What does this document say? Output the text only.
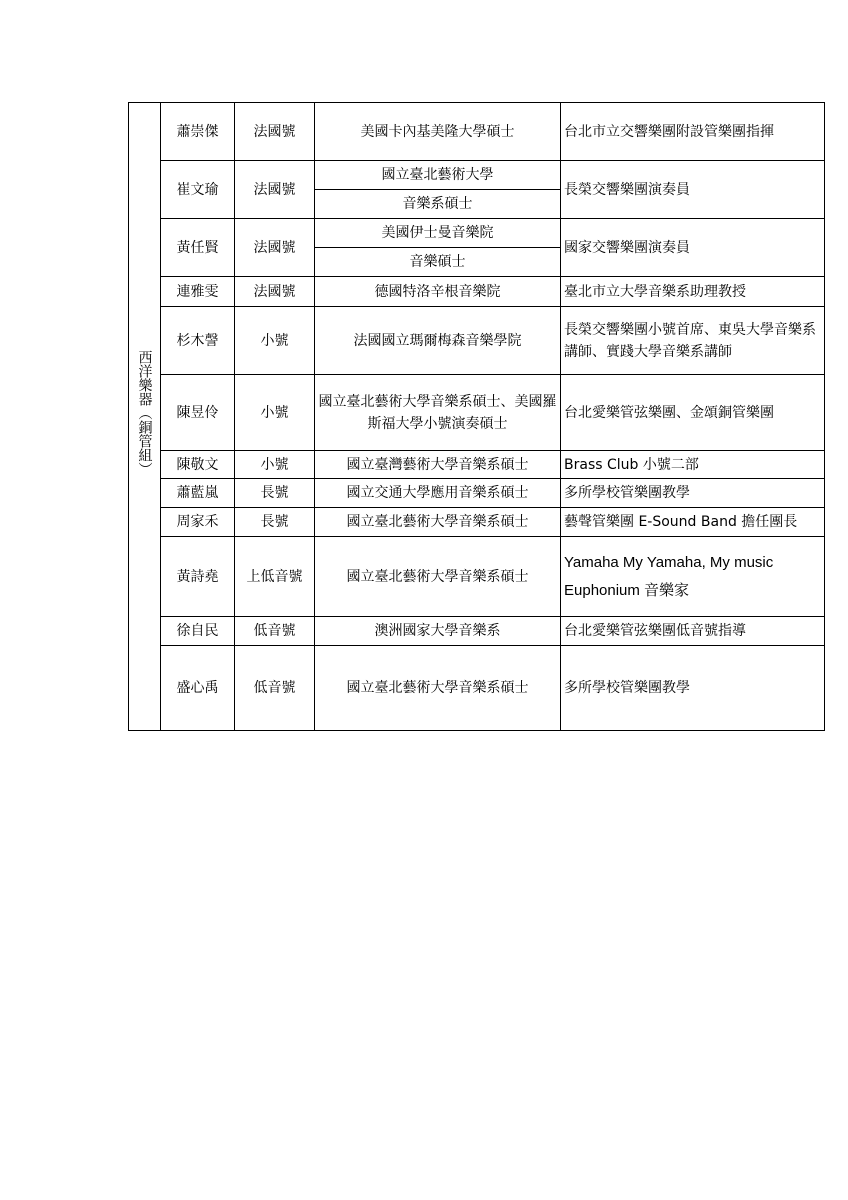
西洋樂器（銅管組）	蕭崇傑	法國號	美國卡內基美隆大學碩士	台北市立交響樂團附設管樂團指揮
	崔文瑜	法國號	國立臺北藝術大學	長榮交響樂團演奏員
			音樂系碩士	
	黃任賢	法國號	美國伊士曼音樂院	國家交響樂團演奏員
			音樂碩士	
	連雅雯	法國號	德國特洛辛根音樂院	臺北市立大學音樂系助理教授
	杉木謦	小號	法國國立瑪爾梅森音樂學院	長榮交響樂團小號首席、東吳大學音樂系講師、實踐大學音樂系講師
	陳昱伶	小號	國立臺北藝術大學音樂系碩士、美國羅斯福大學小號演奏碩士	台北愛樂管弦樂團、金頌銅管樂團
	陳敬文	小號	國立臺灣藝術大學音樂系碩士	Brass Club 小號二部
	蕭藍嵐	長號	國立交通大學應用音樂系碩士	多所學校管樂團教學
	周家禾	長號	國立臺北藝術大學音樂系碩士	藝聲管樂團 E-Sound Band 擔任團長
	黃詩堯	上低音號	國立臺北藝術大學音樂系碩士	Yamaha My Yamaha, My music Euphonium 音樂家
	徐自民	低音號	澳洲國家大學音樂系	台北愛樂管弦樂團低音號指導
	盛心禹	低音號	國立臺北藝術大學音樂系碩士	多所學校管樂團教學
